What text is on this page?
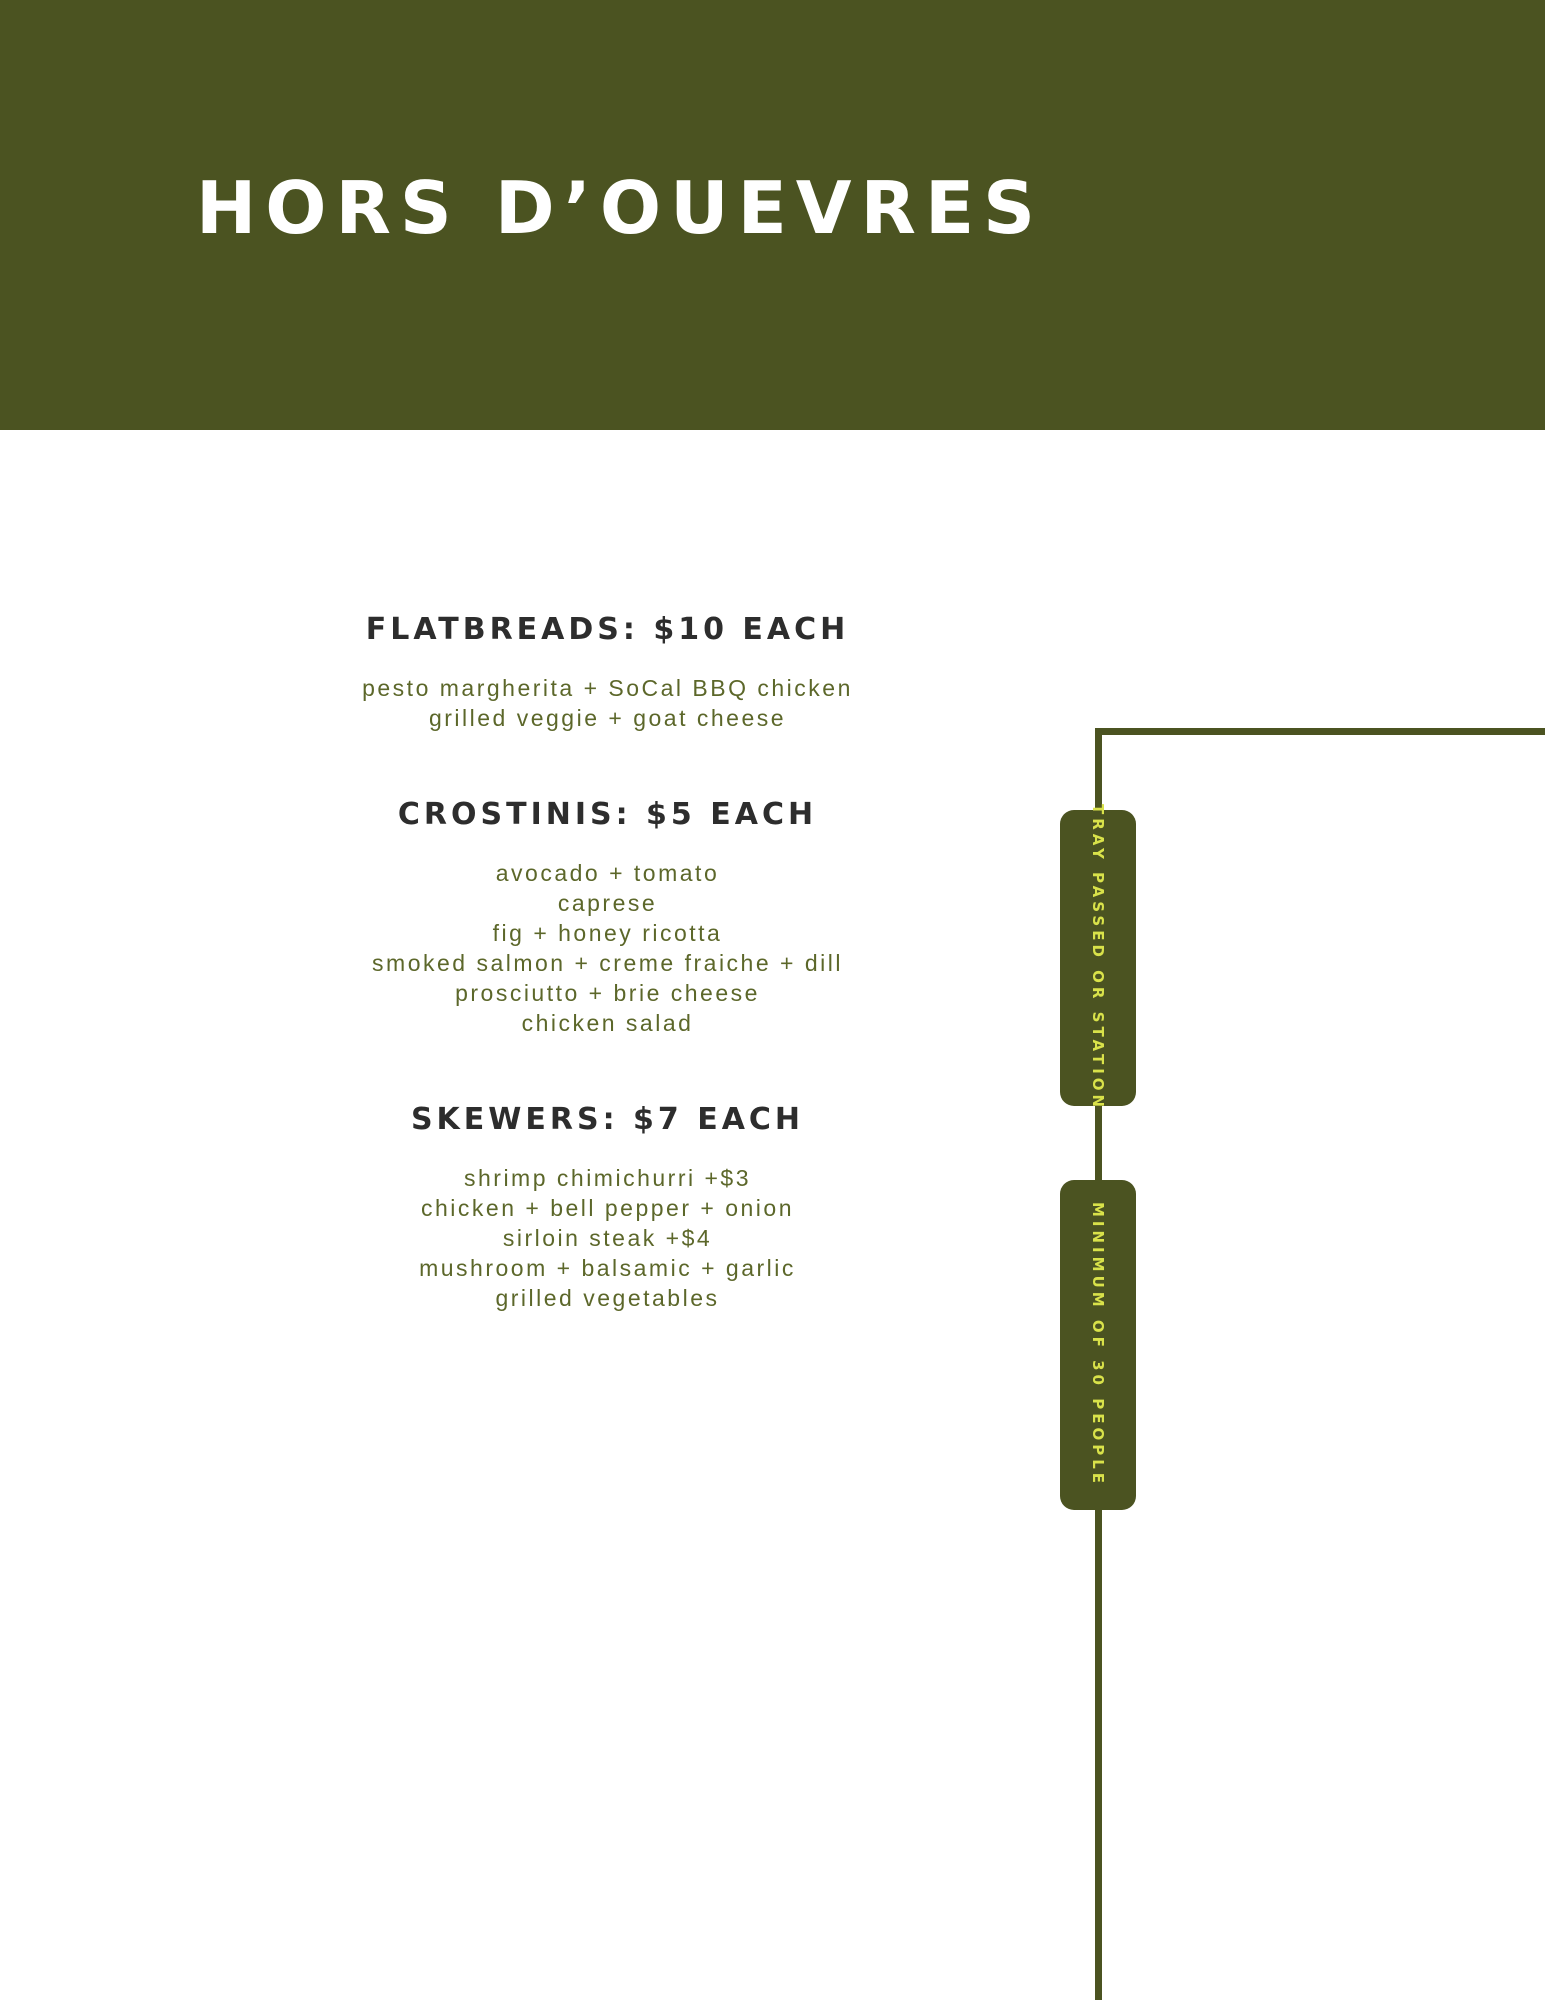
HORS D’OUEVRES
FLATBREADS: $10 EACH

pesto margherita + SoCal BBQ chicken

grilled veggie + goat cheese

CROSTINIS: $5 EACH

avocado + tomato

caprese

fig + honey ricotta

smoked salmon + creme fraiche + dill

prosciutto + brie cheese

chicken salad

SKEWERS: $7 EACH

shrimp chimichurri +$3

chicken + bell pepper + onion

sirloin steak +$4

mushroom + balsamic + garlic

grilled vegetables

TRAY PASSED OR STATION
MINIMUM OF 30 PEOPLE
